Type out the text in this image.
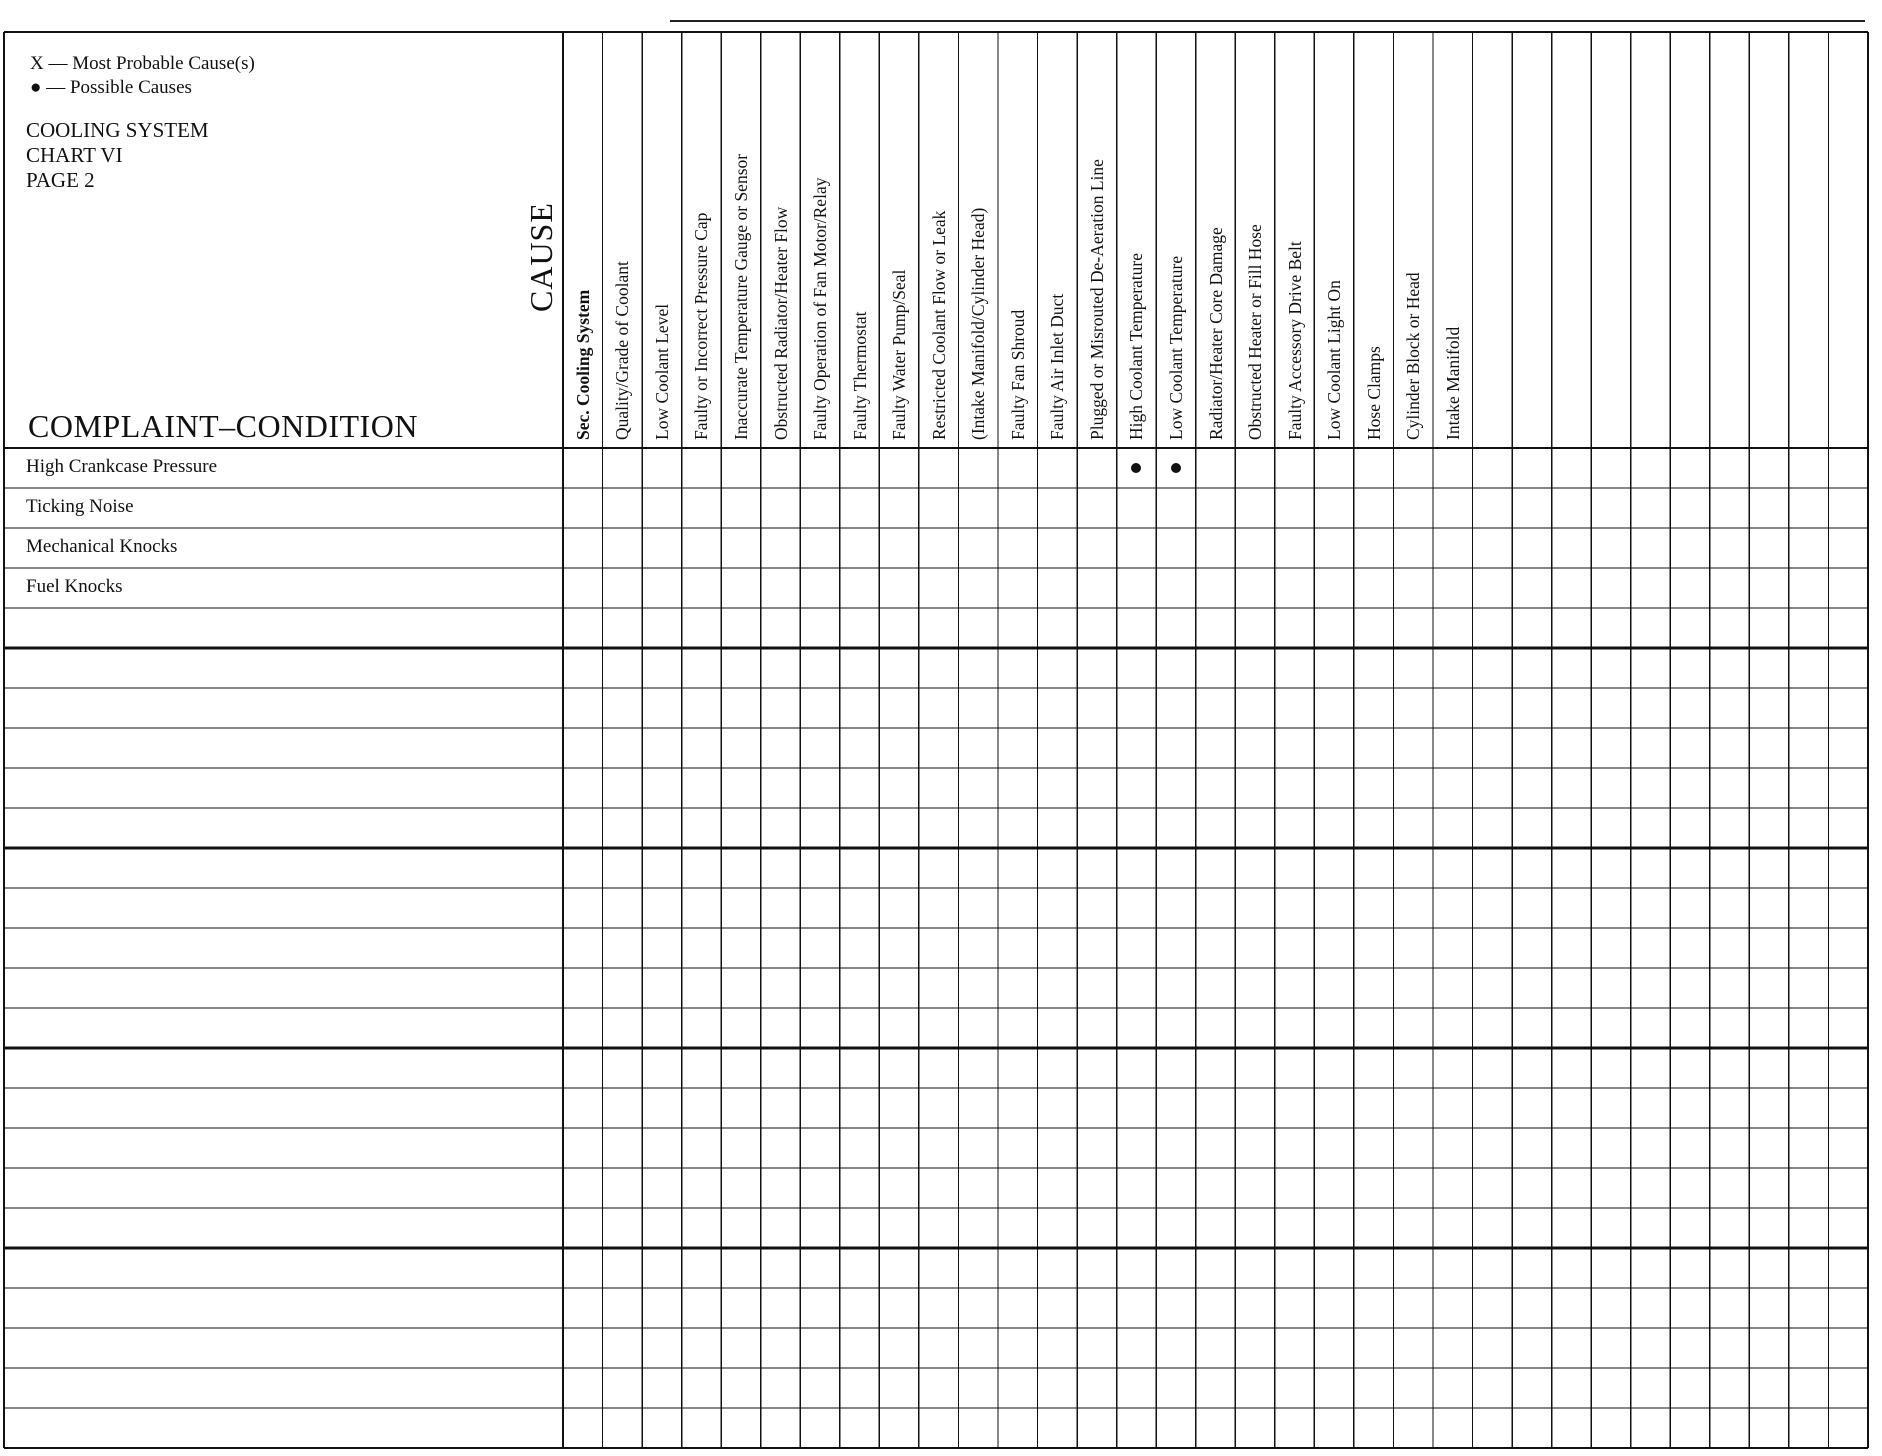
X — Most Probable Cause(s)
● — Possible Causes
COOLING SYSTEM
CHART VI
PAGE 2
CAUSE
COMPLAINT–CONDITION	Sec. Cooling System Quality/Grade of Coolant Low Coolant Level Faulty or Incorrect Pressure Cap Inaccurate Temperature Gauge or Sensor Obstructed Radiator/Heater Flow Faulty Operation of Fan Motor/Relay Faulty Thermostat Faulty Water Pump/Seal Restricted Coolant Flow or Leak (Intake Manifold/Cylinder Head) Faulty Fan Shroud Faulty Air Inlet Duct Plugged or Misrouted De-Aeration Line High Coolant Temperature Low Coolant Temperature Radiator/Heater Core Damage Obstructed Heater or Fill Hose Faulty Accessory Drive Belt Low Coolant Light On Hose Clamps Cylinder Block or Head Intake Manifold
High Crankcase Pressure
Ticking Noise
Mechanical Knocks
Fuel Knocks
